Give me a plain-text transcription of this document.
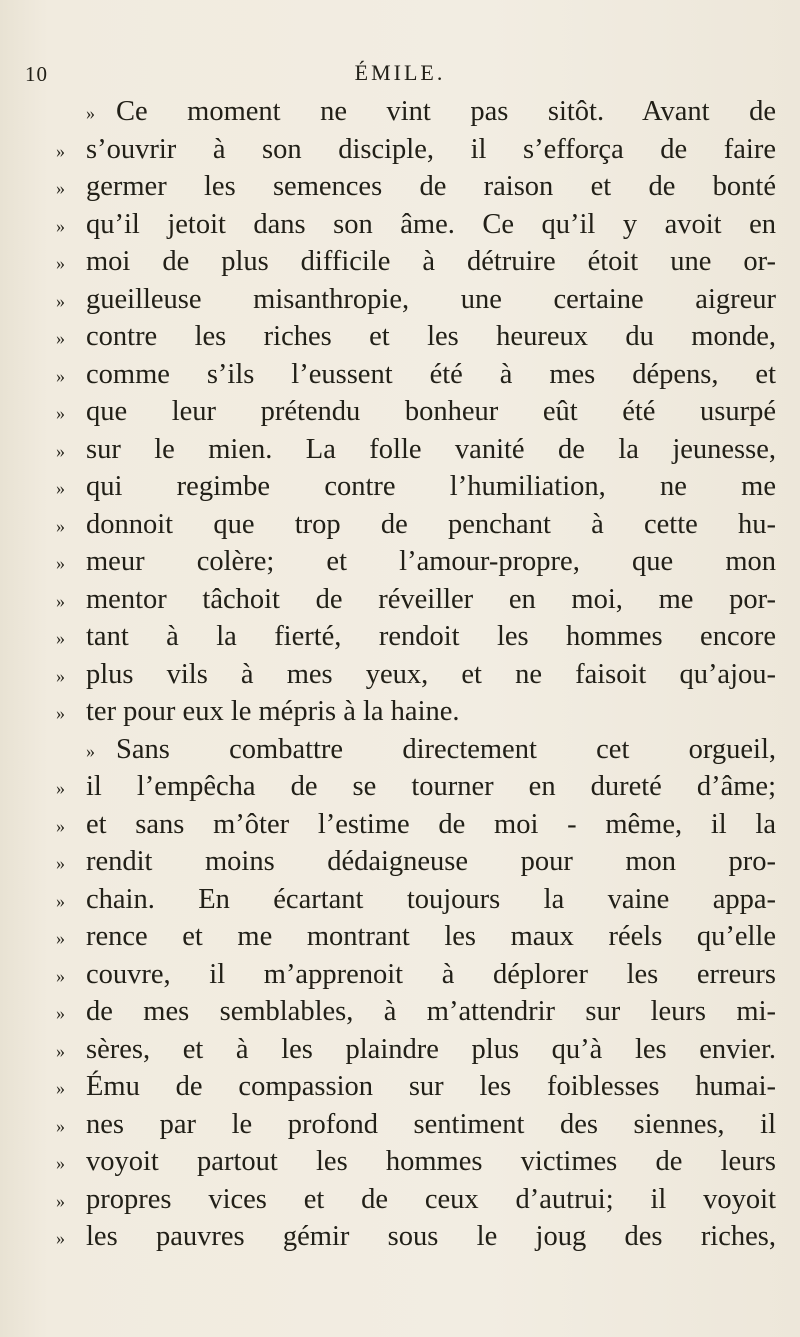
10	ÉMILE.
» Ce moment ne vint pas sitôt. Avant de
» s’ouvrir à son disciple, il s’efforça de faire
» germer les semences de raison et de bonté
» qu’il jetoit dans son âme. Ce qu’il y avoit en
» moi de plus difficile à détruire étoit une or-
» gueilleuse misanthropie, une certaine aigreur
» contre les riches et les heureux du monde,
» comme s’ils l’eussent été à mes dépens, et
» que leur prétendu bonheur eût été usurpé
» sur le mien. La folle vanité de la jeunesse,
» qui regimbe contre l’humiliation, ne me
» donnoit que trop de penchant à cette hu-
» meur colère; et l’amour-propre, que mon
» mentor tâchoit de réveiller en moi, me por-
» tant à la fierté, rendoit les hommes encore
» plus vils à mes yeux, et ne faisoit qu’ajou-
» ter pour eux le mépris à la haine.
» Sans combattre directement cet orgueil,
» il l’empêcha de se tourner en dureté d’âme;
» et sans m’ôter l’estime de moi - même, il la
» rendit moins dédaigneuse pour mon pro-
» chain. En écartant toujours la vaine appa-
» rence et me montrant les maux réels qu’elle
» couvre, il m’apprenoit à déplorer les erreurs
» de mes semblables, à m’attendrir sur leurs mi-
» sères, et à les plaindre plus qu’à les envier.
» Ému de compassion sur les foiblesses humai-
» nes par le profond sentiment des siennes, il
» voyoit partout les hommes victimes de leurs
» propres vices et de ceux d’autrui; il voyoit
» les pauvres gémir sous le joug des riches,
